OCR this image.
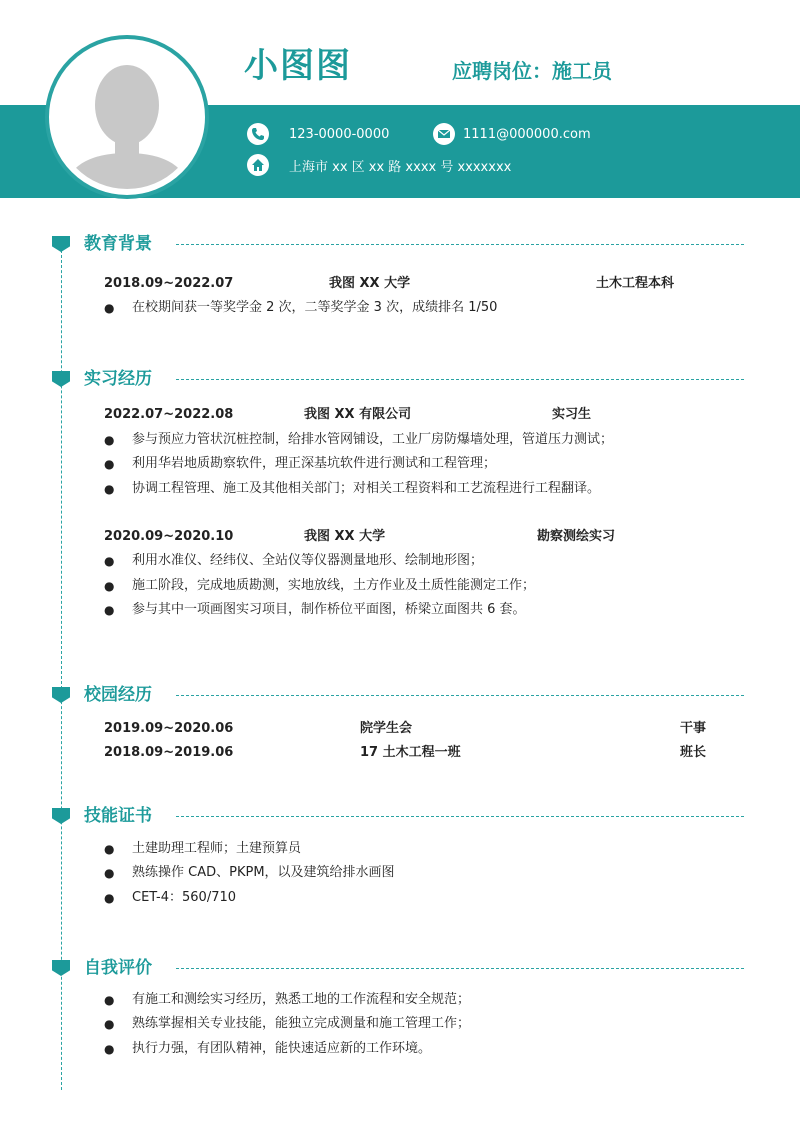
小图图	应聘岗位：施工员
123-0000-0000	1111@000000.com
上海市 xx 区 xx 路 xxxx 号 xxxxxxx
教育背景
2018.09~2022.07	我图 XX 大学	土木工程本科
● 在校期间获一等奖学金 2 次，二等奖学金 3 次，成绩排名 1/50
实习经历
2022.07~2022.08	我图 XX 有限公司	实习生
● 参与预应力管状沉桩控制，给排水管网铺设，工业厂房防爆墙处理，管道压力测试；
● 利用华岩地质勘察软件，理正深基坑软件进行测试和工程管理；
● 协调工程管理、施工及其他相关部门；对相关工程资料和工艺流程进行工程翻译。
2020.09~2020.10	我图 XX 大学	勘察测绘实习
● 利用水准仪、经纬仪、全站仪等仪器测量地形、绘制地形图；
● 施工阶段，完成地质勘测，实地放线，土方作业及土质性能测定工作；
● 参与其中一项画图实习项目，制作桥位平面图，桥梁立面图共 6 套。
校园经历
2019.09~2020.06	院学生会	干事
2018.09~2019.06	17 土木工程一班	班长
技能证书
● 土建助理工程师；土建预算员
● 熟练操作 CAD、PKPM，以及建筑给排水画图
● CET-4：560/710
自我评价
● 有施工和测绘实习经历，熟悉工地的工作流程和安全规范；
● 熟练掌握相关专业技能，能独立完成测量和施工管理工作；
● 执行力强，有团队精神，能快速适应新的工作环境。
